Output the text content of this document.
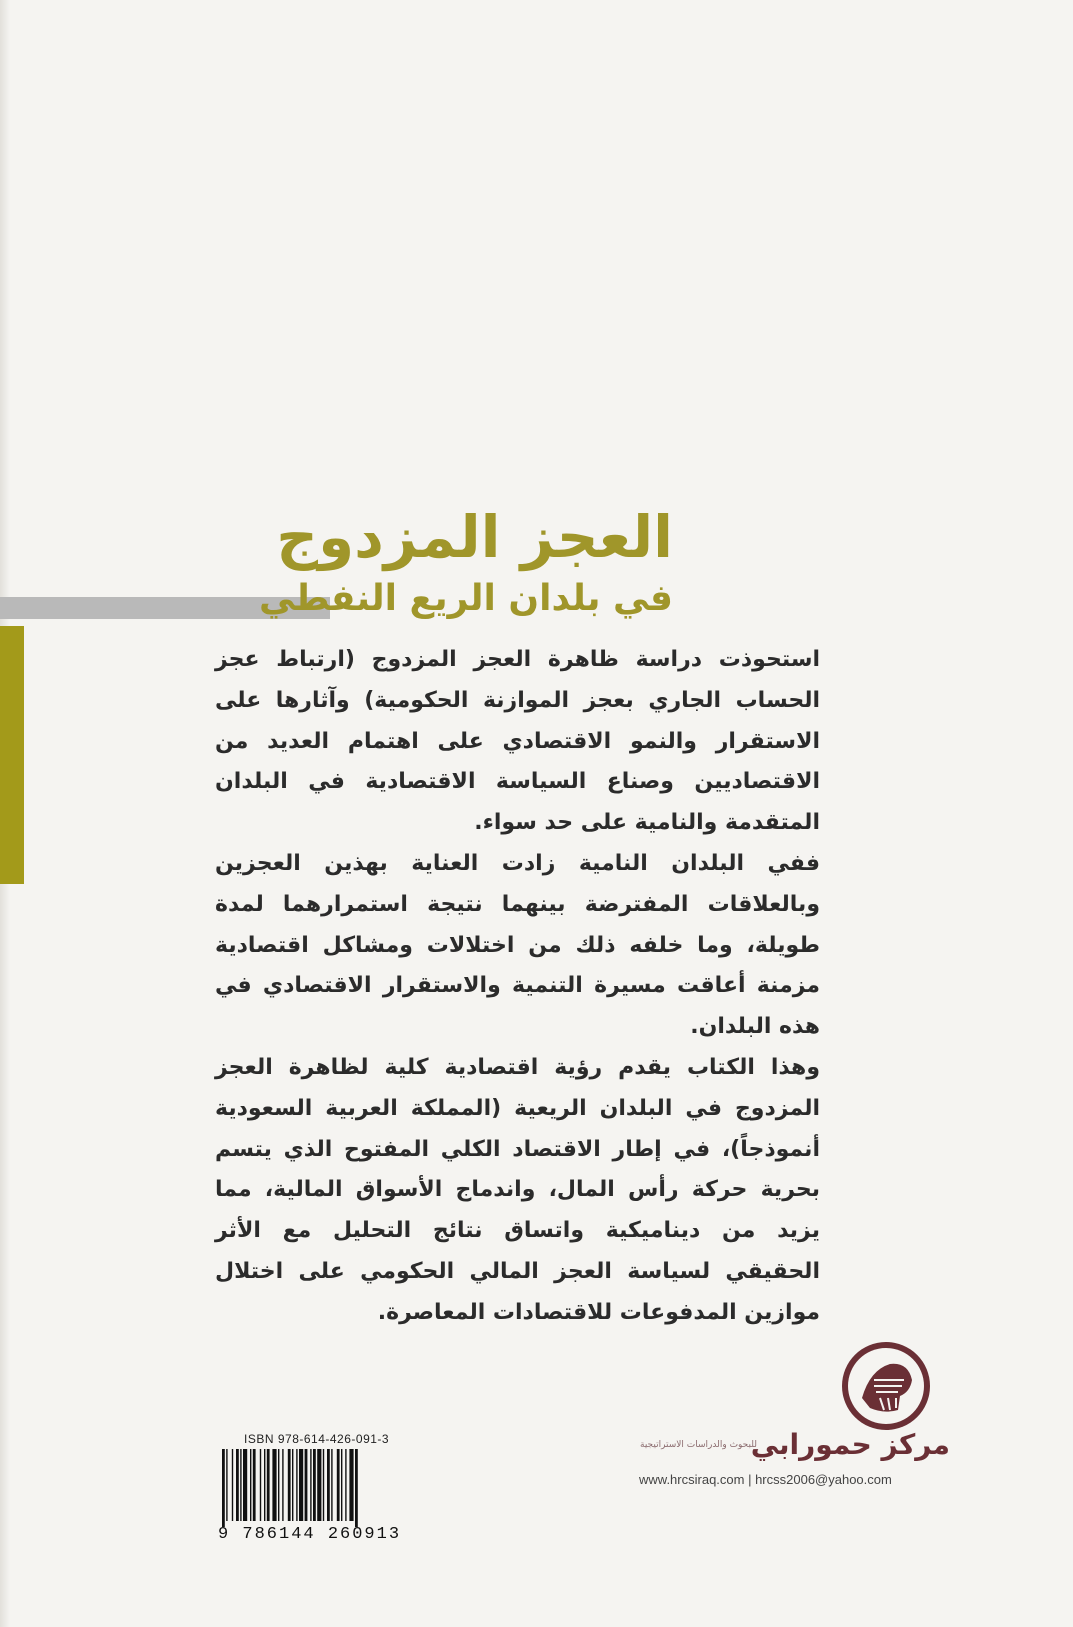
العجز المزدوج
في بلدان الريع النفطي

استحوذت دراسة ظاهرة العجز المزدوج (ارتباط عجز الحساب الجاري بعجز الموازنة الحكومية) وآثارها على الاستقرار والنمو الاقتصادي على اهتمام العديد من الاقتصاديين وصناع السياسة الاقتصادية في البلدان المتقدمة والنامية على حد سواء.

ففي البلدان النامية زادت العناية بهذين العجزين وبالعلاقات المفترضة بينهما نتيجة استمرارهما لمدة طويلة، وما خلفه ذلك من اختلالات ومشاكل اقتصادية مزمنة أعاقت مسيرة التنمية والاستقرار الاقتصادي في هذه البلدان.

وهذا الكتاب يقدم رؤية اقتصادية كلية لظاهرة العجز المزدوج في البلدان الريعية (المملكة العربية السعودية أنموذجاً)، في إطار الاقتصاد الكلي المفتوح الذي يتسم بحرية حركة رأس المال، واندماج الأسواق المالية، مما يزيد من ديناميكية واتساق نتائج التحليل مع الأثر الحقيقي لسياسة العجز المالي الحكومي على اختلال موازين المدفوعات للاقتصادات المعاصرة.

ISBN 978-614-426-091-3
9 786144 260913
مركز حمورابي
للبحوث والدراسات الاستراتيجية
www.hrcsiraq.com | hrcss2006@yahoo.com
